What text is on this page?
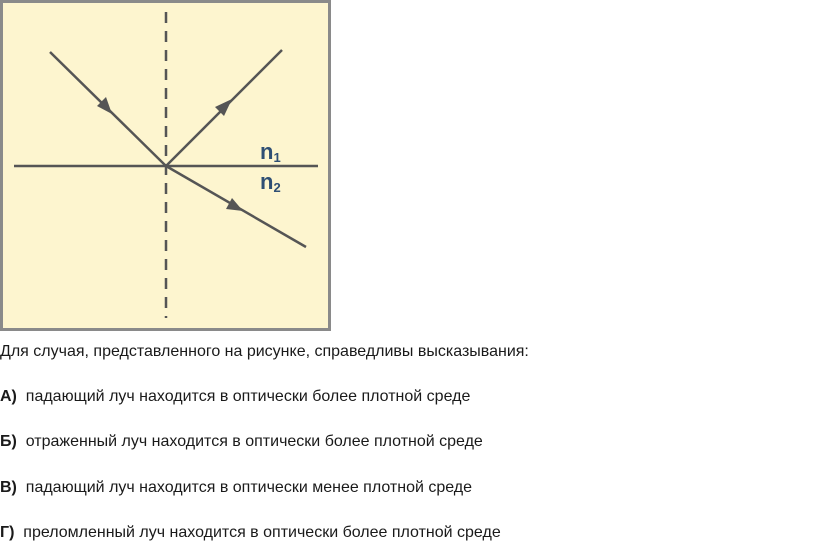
n1
n2
Для случая, представленного на рисунке, справедливы высказывания:
А) падающий луч находится в оптически более плотной среде
Б) отраженный луч находится в оптически более плотной среде
В) падающий луч находится в оптически менее плотной среде
Г) преломленный луч находится в оптически более плотной среде
